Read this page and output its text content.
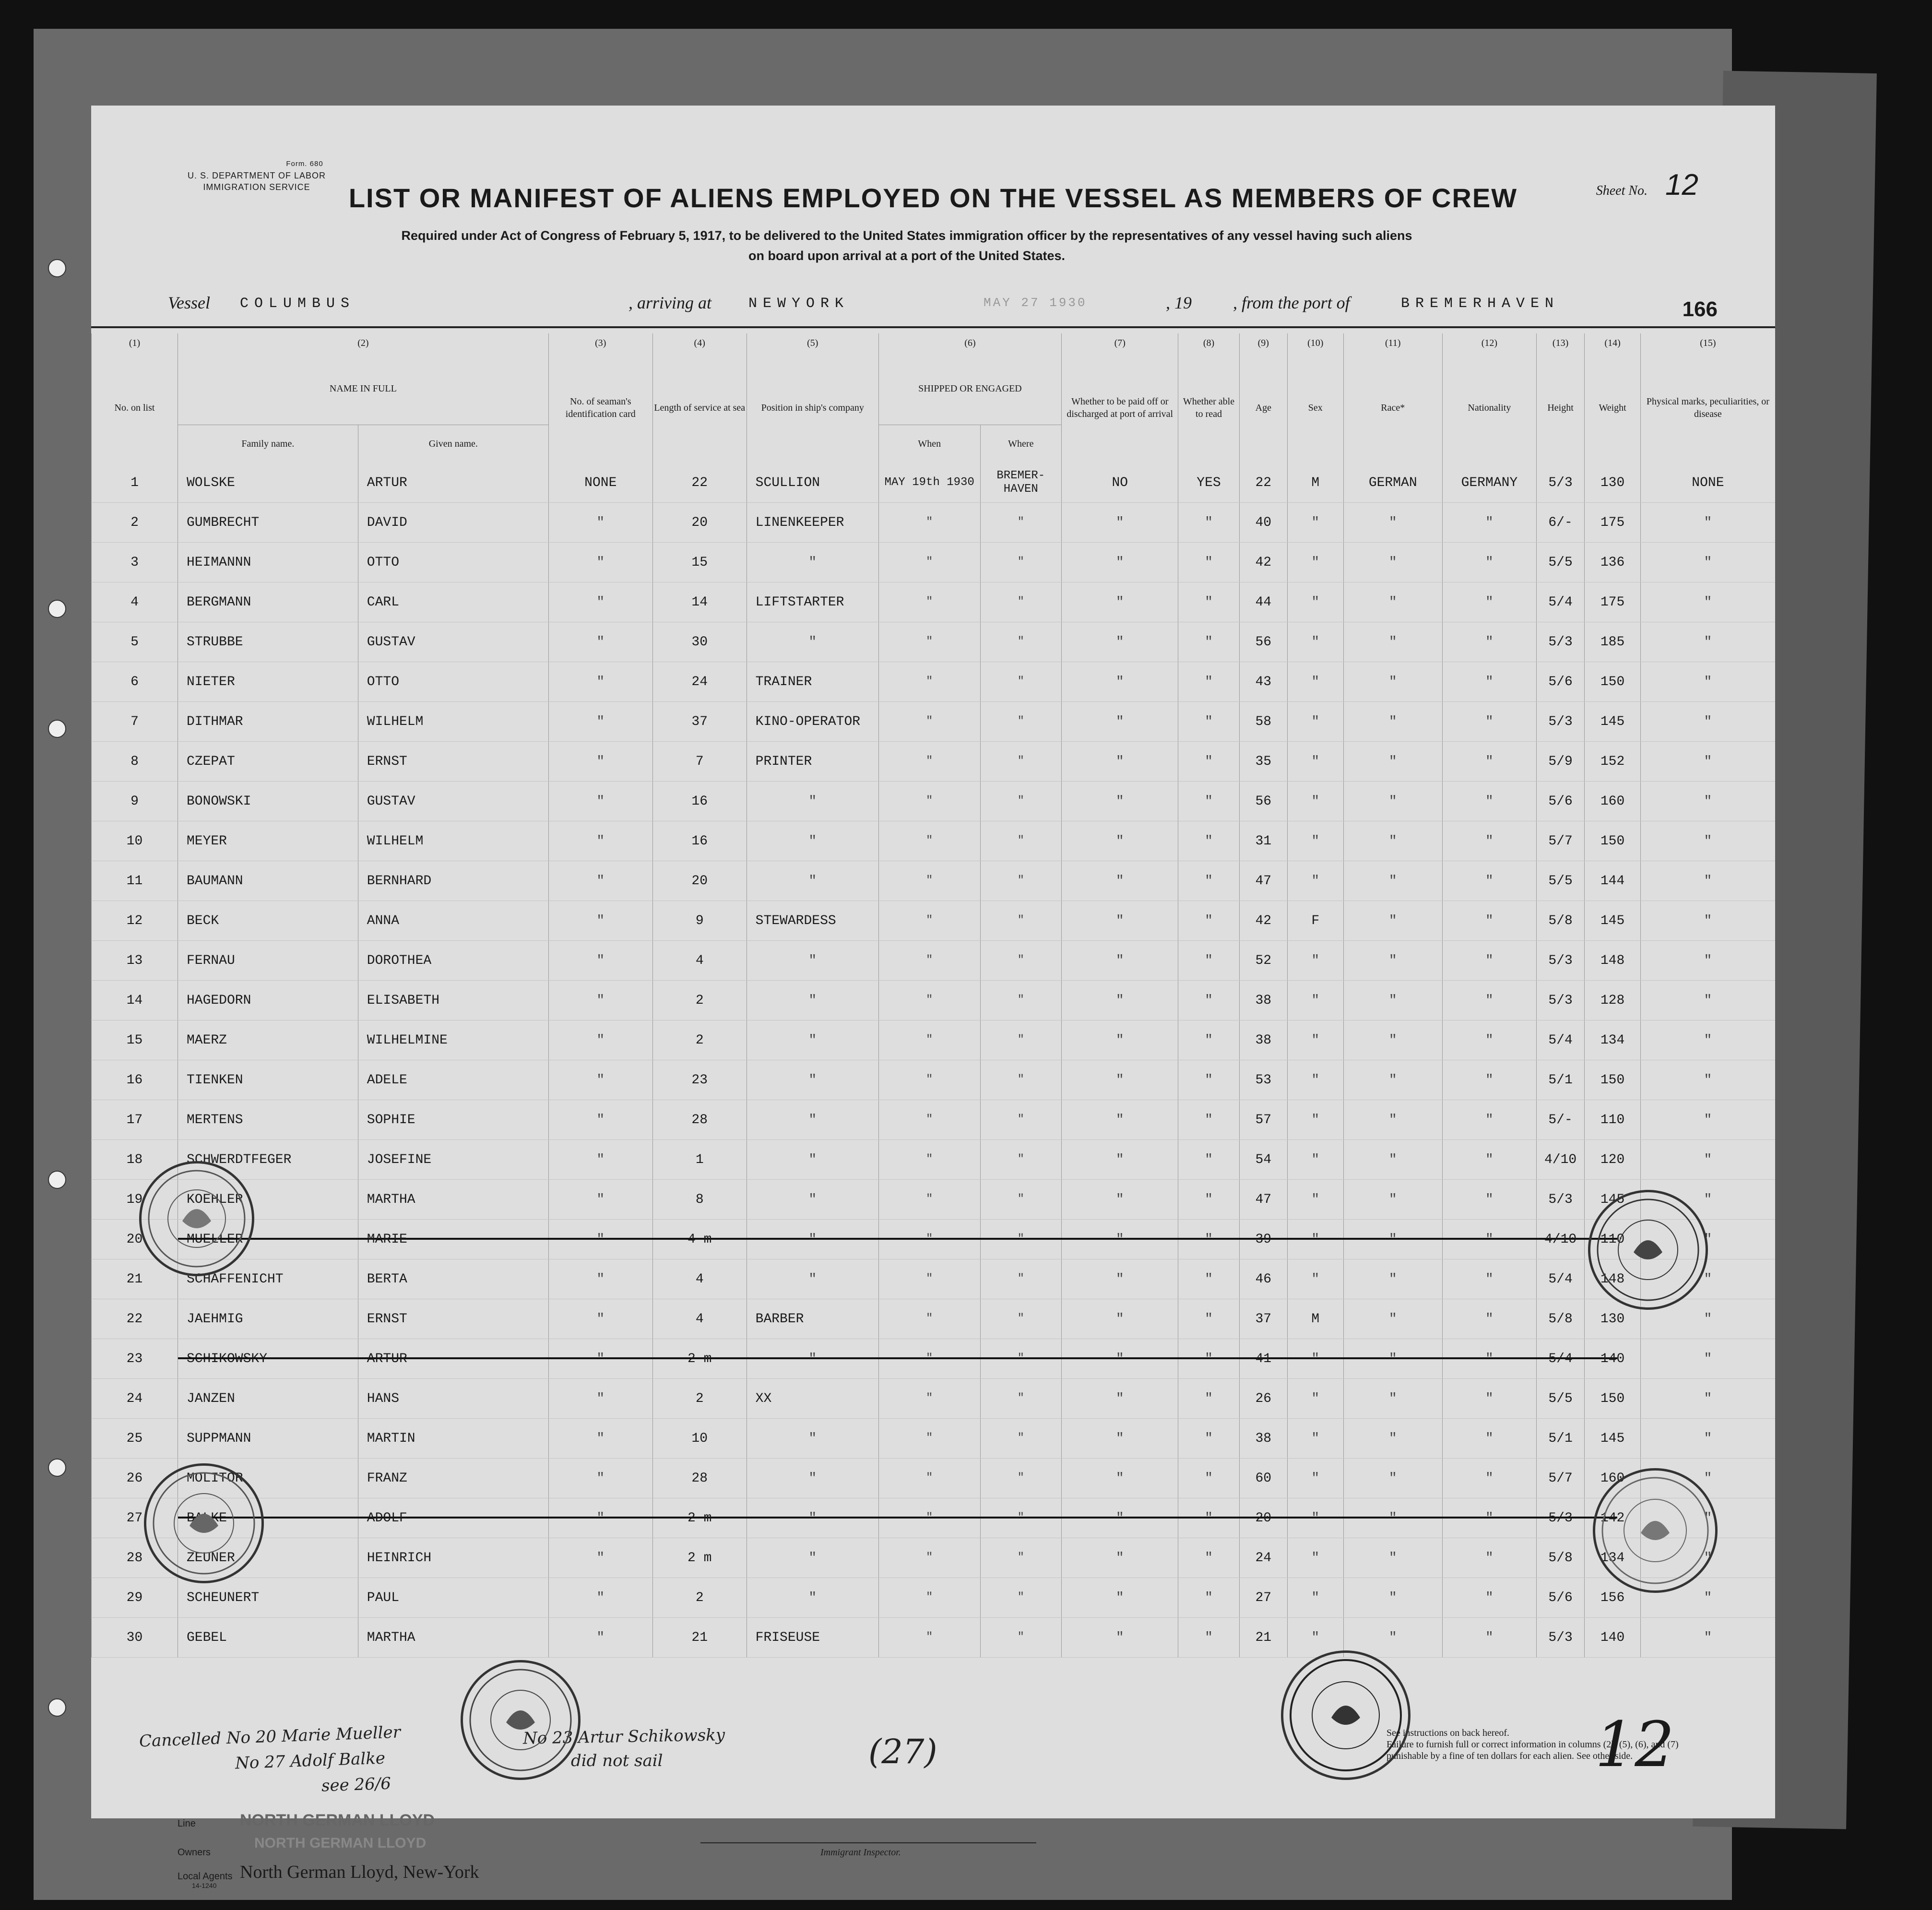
Form. 680
U. S. DEPARTMENT OF LABOR
IMMIGRATION SERVICE	Sheet No. 12
LIST OR MANIFEST OF ALIENS EMPLOYED ON THE VESSEL AS MEMBERS OF CREW
Required under Act of Congress of February 5, 1917, to be delivered to the United States immigration officer by the representatives of any vessel having such aliens
on board upon arrival at a port of the United States.
Vessel COLUMBUS	, arriving at	NEWYORK	MAY 27 1930	, 19 , from the port of	BREMERHAVEN	166
(1)	(2)		(3)	(4)	(5)	(6)		(7)	(8)	(9)	(10)	(11)	(12)	(13)	(14)	(15)
No. on list	NAME IN FULL		No. of seaman's identification card	Length of service at sea	Position in ship's company	SHIPPED OR ENGAGED		Whether to be paid off or discharged at port of arrival	Whether able to read	Age	Sex	Race*	Nationality	Height	Weight	Physical marks, peculiarities, or disease
	Family name.	Given name.				When	Where									
1	WOLSKE	ARTUR	NONE	22	SCULLION	MAY 19th 1930	BREMER-HAVEN	NO	YES	22	M	GERMAN	GERMANY	5/3	130	NONE
2	GUMBRECHT	DAVID	"	20	LINENKEEPER	"	"	"	"	40	"	"	"	6/-	175	"
3	HEIMANNN	OTTO	"	15	"	"	"	"	"	42	"	"	"	5/5	136	"
4	BERGMANN	CARL	"	14	LIFTSTARTER	"	"	"	"	44	"	"	"	5/4	175	"
5	STRUBBE	GUSTAV	"	30	"	"	"	"	"	56	"	"	"	5/3	185	"
6	NIETER	OTTO	"	24	TRAINER	"	"	"	"	43	"	"	"	5/6	150	"
7	DITHMAR	WILHELM	"	37	KINO-OPERATOR	"	"	"	"	58	"	"	"	5/3	145	"
8	CZEPAT	ERNST	"	7	PRINTER	"	"	"	"	35	"	"	"	5/9	152	"
9	BONOWSKI	GUSTAV	"	16	"	"	"	"	"	56	"	"	"	5/6	160	"
10	MEYER	WILHELM	"	16	"	"	"	"	"	31	"	"	"	5/7	150	"
11	BAUMANN	BERNHARD	"	20	"	"	"	"	"	47	"	"	"	5/5	144	"
12	BECK	ANNA	"	9	STEWARDESS	"	"	"	"	42	F	"	"	5/8	145	"
13	FERNAU	DOROTHEA	"	4	"	"	"	"	"	52	"	"	"	5/3	148	"
14	HAGEDORN	ELISABETH	"	2	"	"	"	"	"	38	"	"	"	5/3	128	"
15	MAERZ	WILHELMINE	"	2	"	"	"	"	"	38	"	"	"	5/4	134	"
16	TIENKEN	ADELE	"	23	"	"	"	"	"	53	"	"	"	5/1	150	"
17	MERTENS	SOPHIE	"	28	"	"	"	"	"	57	"	"	"	5/-	110	"
18	SCHWERDTFEGER	JOSEFINE	"	1	"	"	"	"	"	54	"	"	"	4/10	120	"
19	KOEHLER	MARTHA	"	8	"	"	"	"	"	47	"	"	"	5/3	145	"
20		MARIE	"	4 m	"	"	"	"	"	39	"	"	"	4/10	110	"
21	SCHAFFENICHT	BERTA	"	4	"	"	"	"	"	46	"	"	"	5/4	148	"
22	JAEHMIG	ERNST	"	4	BARBER	"	"	"	"	37	M	"	"	5/8	130	"
23		ARTUR	"	2 m	"	"	"	"	"	41	"	"	"	5/4	140	"
24	JANZEN	HANS	"	2	XX	"	"	"	"	26	"	"	"	5/5	150	"
25	SUPPMANN	MARTIN	"	10	"	"	"	"	"	38	"	"	"	5/1	145	"
26	MOLITOR	FRANZ	"	28	"	"	"	"	"	60	"	"	"	5/7	160	"
27		ADOLF	"	2 m	"	"	"	"	"	20	"	"	"	5/3	142	"
28	ZEUNER	HEINRICH	"	2 m	"	"	"	"	"	24	"	"	"	5/8	134	"
29	SCHEUNERT	PAUL	"	2	"	"	"	"	"	27	"	"	"	5/6	156	"
30	GEBEL	MARTHA	"	21	FRISEUSE	"	"	"	"	21	"	"	"	5/3	140	"
Cancelled No 20 Marie Mueller
No 27 Adolf Balke
see 26/6
No 23 Artur Schikowsky
did not sail	(27)
Line	NORTH GERMAN LLOYD
Owners
NORTH GERMAN LLOYD
Local Agents
14-1240
North German Lloyd, New-York
Immigrant Inspector.
See instructions on back hereof.
Failure to furnish full or correct information in columns (2), (5), (6), and (7)
punishable by a fine of ten dollars for each alien. See other side.
12
